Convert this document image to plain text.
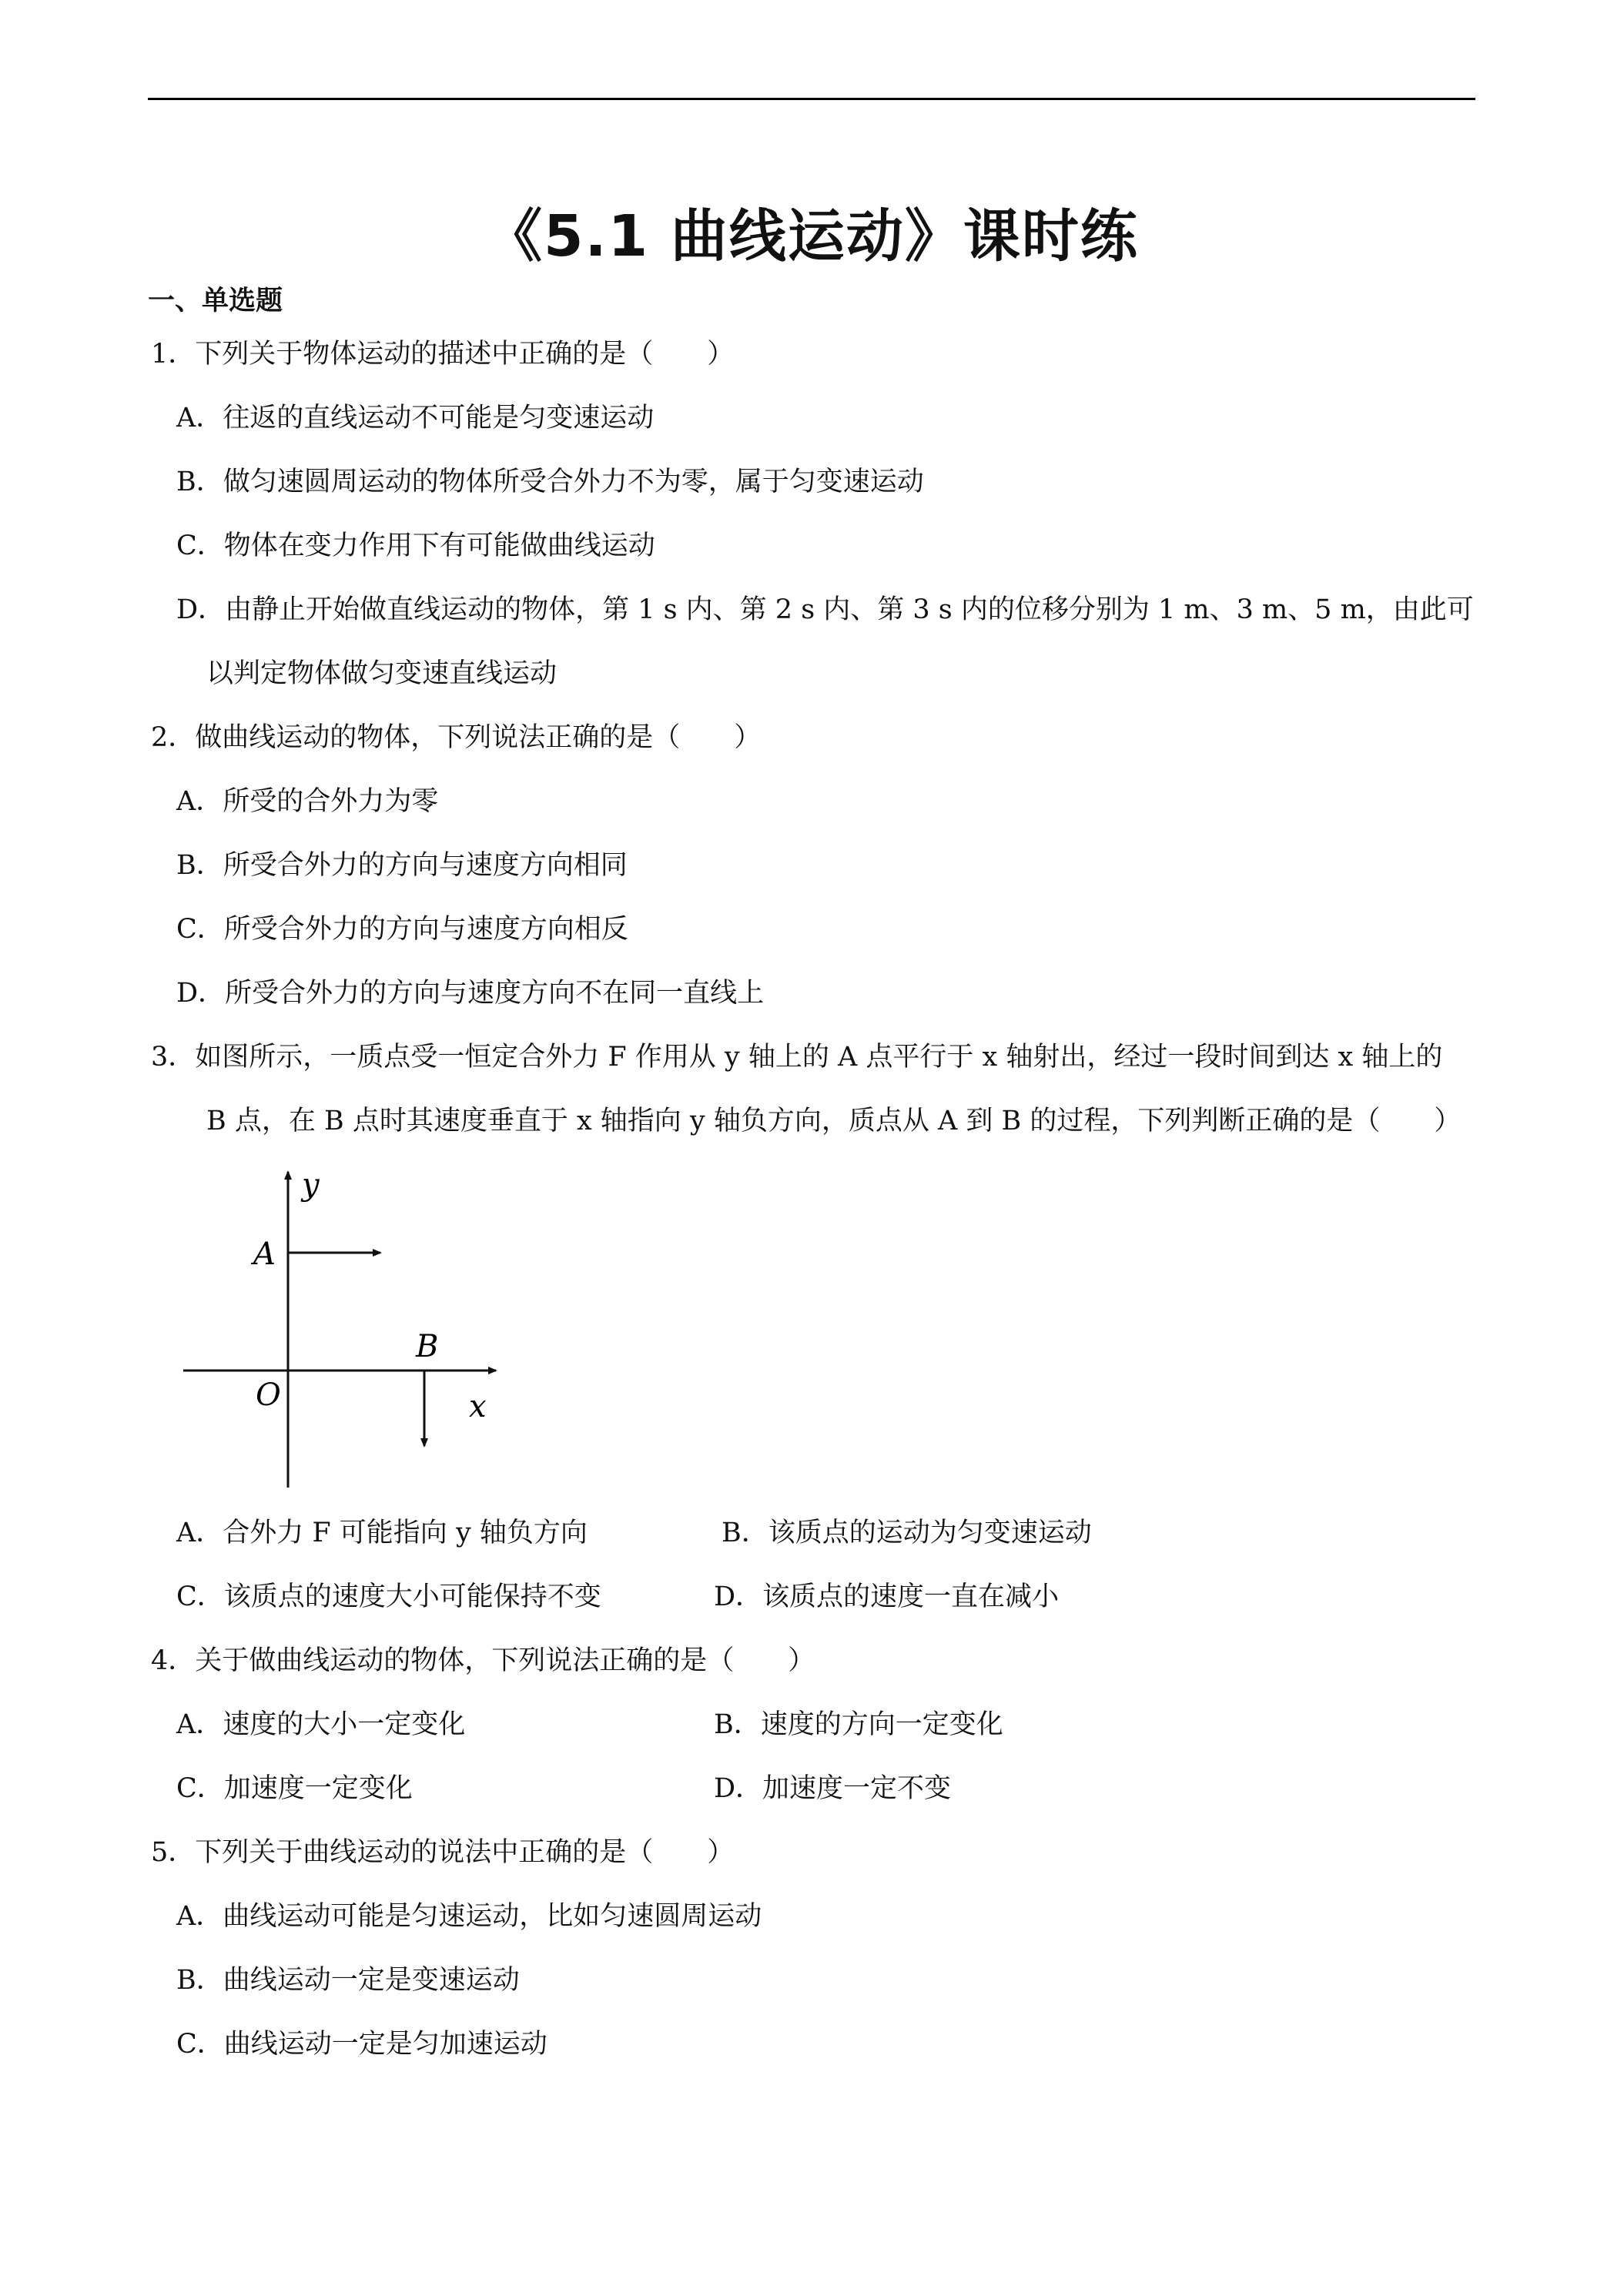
《5.1 曲线运动》课时练
一、单选题
1．下列关于物体运动的描述中正确的是（　　）
A．往返的直线运动不可能是匀变速运动
B．做匀速圆周运动的物体所受合外力不为零，属于匀变速运动
C．物体在变力作用下有可能做曲线运动
D．由静止开始做直线运动的物体，第 1 s 内、第 2 s 内、第 3 s 内的位移分别为 1 m、3 m、5 m，由此可
以判定物体做匀变速直线运动
2．做曲线运动的物体，下列说法正确的是（　　）
A．所受的合外力为零
B．所受合外力的方向与速度方向相同
C．所受合外力的方向与速度方向相反
D．所受合外力的方向与速度方向不在同一直线上
3．如图所示，一质点受一恒定合外力 F 作用从 y 轴上的 A 点平行于 x 轴射出，经过一段时间到达 x 轴上的
B 点，在 B 点时其速度垂直于 x 轴指向 y 轴负方向，质点从 A 到 B 的过程，下列判断正确的是（　　）
y
x
A
B
O
A．合外力 F 可能指向 y 轴负方向	B．该质点的运动为匀变速运动
C．该质点的速度大小可能保持不变	D．该质点的速度一直在减小
4．关于做曲线运动的物体，下列说法正确的是（　　）
A．速度的大小一定变化	B．速度的方向一定变化
C．加速度一定变化	D．加速度一定不变
5．下列关于曲线运动的说法中正确的是（　　）
A．曲线运动可能是匀速运动，比如匀速圆周运动
B．曲线运动一定是变速运动
C．曲线运动一定是匀加速运动
